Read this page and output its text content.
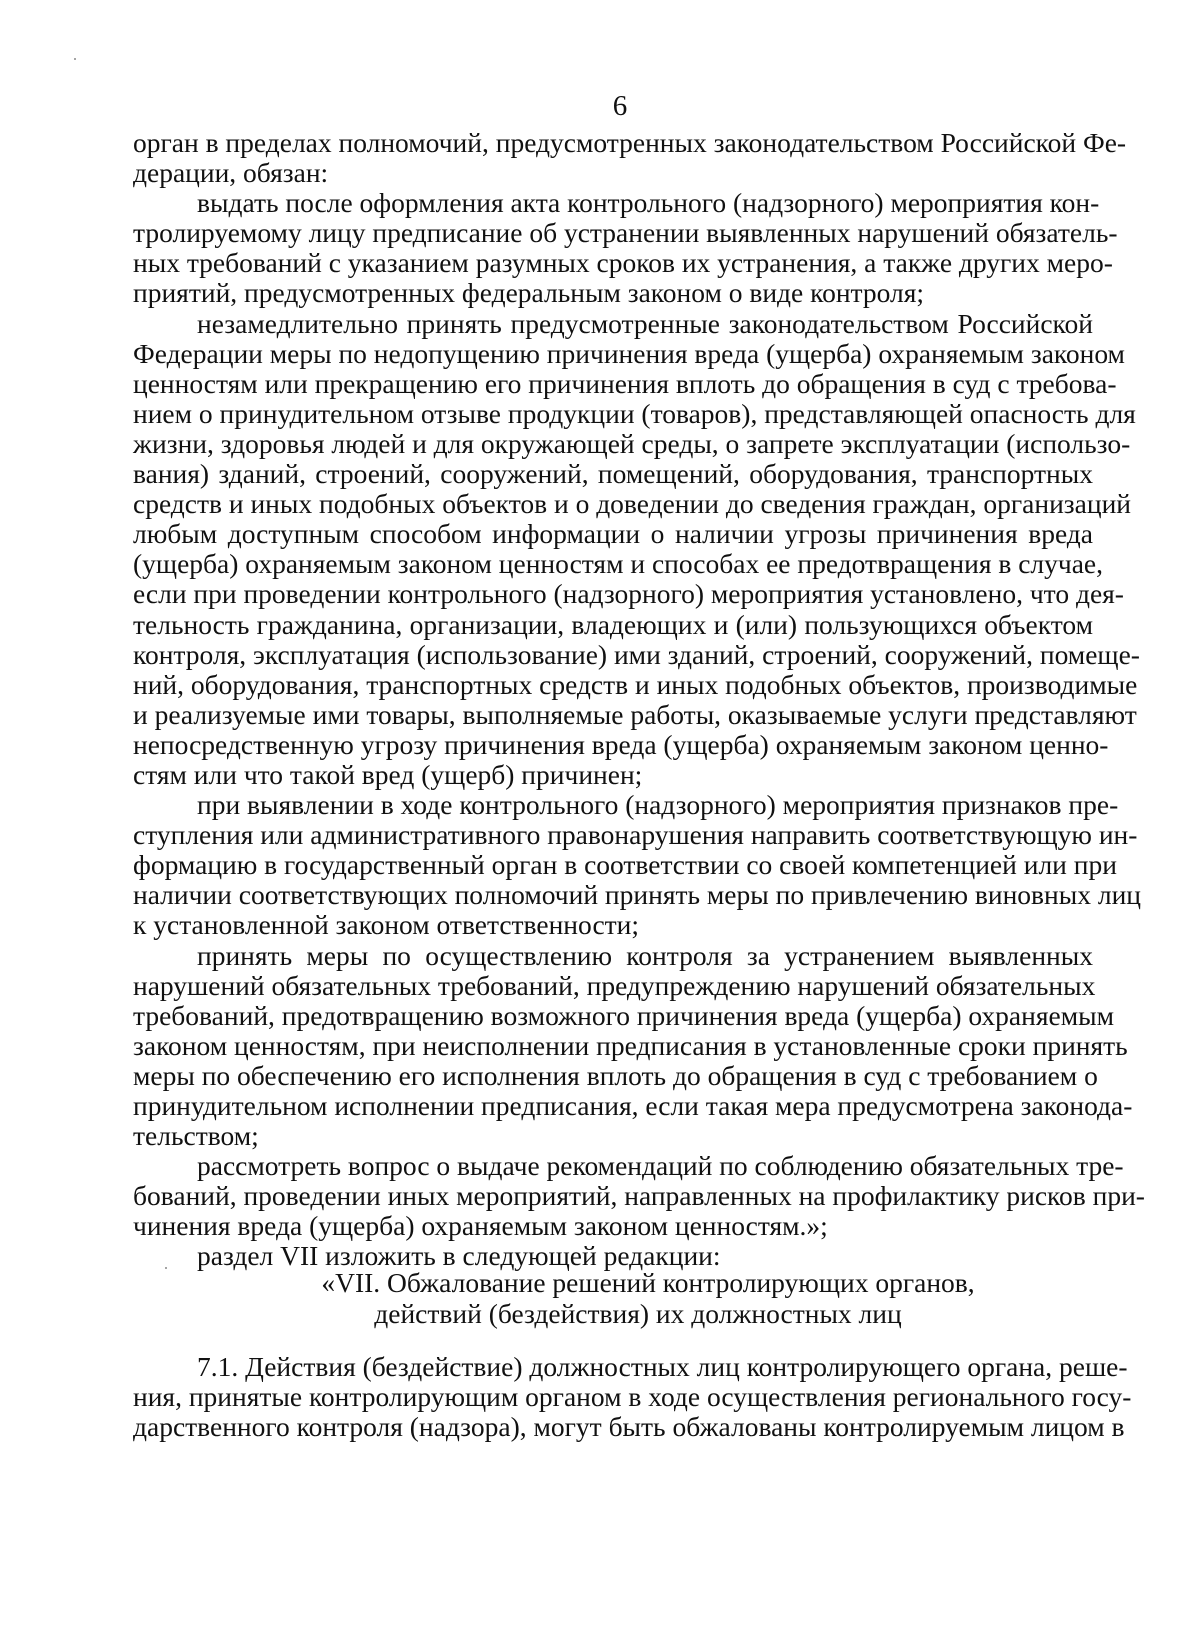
6
орган в пределах полномочий, предусмотренных законодательством Российской Фе-
дерации, обязан:
выдать после оформления акта контрольного (надзорного) мероприятия кон-
тролируемому лицу предписание об устранении выявленных нарушений обязатель-
ных требований с указанием разумных сроков их устранения, а также других меро-
приятий, предусмотренных федеральным законом о виде контроля;
незамедлительно принять предусмотренные законодательством Российской
Федерации меры по недопущению причинения вреда (ущерба) охраняемым законом
ценностям или прекращению его причинения вплоть до обращения в суд с требова-
нием о принудительном отзыве продукции (товаров), представляющей опасность для
жизни, здоровья людей и для окружающей среды, о запрете эксплуатации (использо-
вания) зданий, строений, сооружений, помещений, оборудования, транспортных
средств и иных подобных объектов и о доведении до сведения граждан, организаций
любым доступным способом информации о наличии угрозы причинения вреда
(ущерба) охраняемым законом ценностям и способах ее предотвращения в случае,
если при проведении контрольного (надзорного) мероприятия установлено, что дея-
тельность гражданина, организации, владеющих и (или) пользующихся объектом
контроля, эксплуатация (использование) ими зданий, строений, сооружений, помеще-
ний, оборудования, транспортных средств и иных подобных объектов, производимые
и реализуемые ими товары, выполняемые работы, оказываемые услуги представляют
непосредственную угрозу причинения вреда (ущерба) охраняемым законом ценно-
стям или что такой вред (ущерб) причинен;
при выявлении в ходе контрольного (надзорного) мероприятия признаков пре-
ступления или административного правонарушения направить соответствующую ин-
формацию в государственный орган в соответствии со своей компетенцией или при
наличии соответствующих полномочий принять меры по привлечению виновных лиц
к установленной законом ответственности;
принять меры по осуществлению контроля за устранением выявленных
нарушений обязательных требований, предупреждению нарушений обязательных
требований, предотвращению возможного причинения вреда (ущерба) охраняемым
законом ценностям, при неисполнении предписания в установленные сроки принять
меры по обеспечению его исполнения вплоть до обращения в суд с требованием о
принудительном исполнении предписания, если такая мера предусмотрена законода-
тельством;
рассмотреть вопрос о выдаче рекомендаций по соблюдению обязательных тре-
бований, проведении иных мероприятий, направленных на профилактику рисков при-
чинения вреда (ущерба) охраняемым законом ценностям.»;
раздел VII изложить в следующей редакции:
«VII. Обжалование решений контролирующих органов,
действий (бездействия) их должностных лиц
7.1. Действия (бездействие) должностных лиц контролирующего органа, реше-
ния, принятые контролирующим органом в ходе осуществления регионального госу-
дарственного контроля (надзора), могут быть обжалованы контролируемым лицом в
